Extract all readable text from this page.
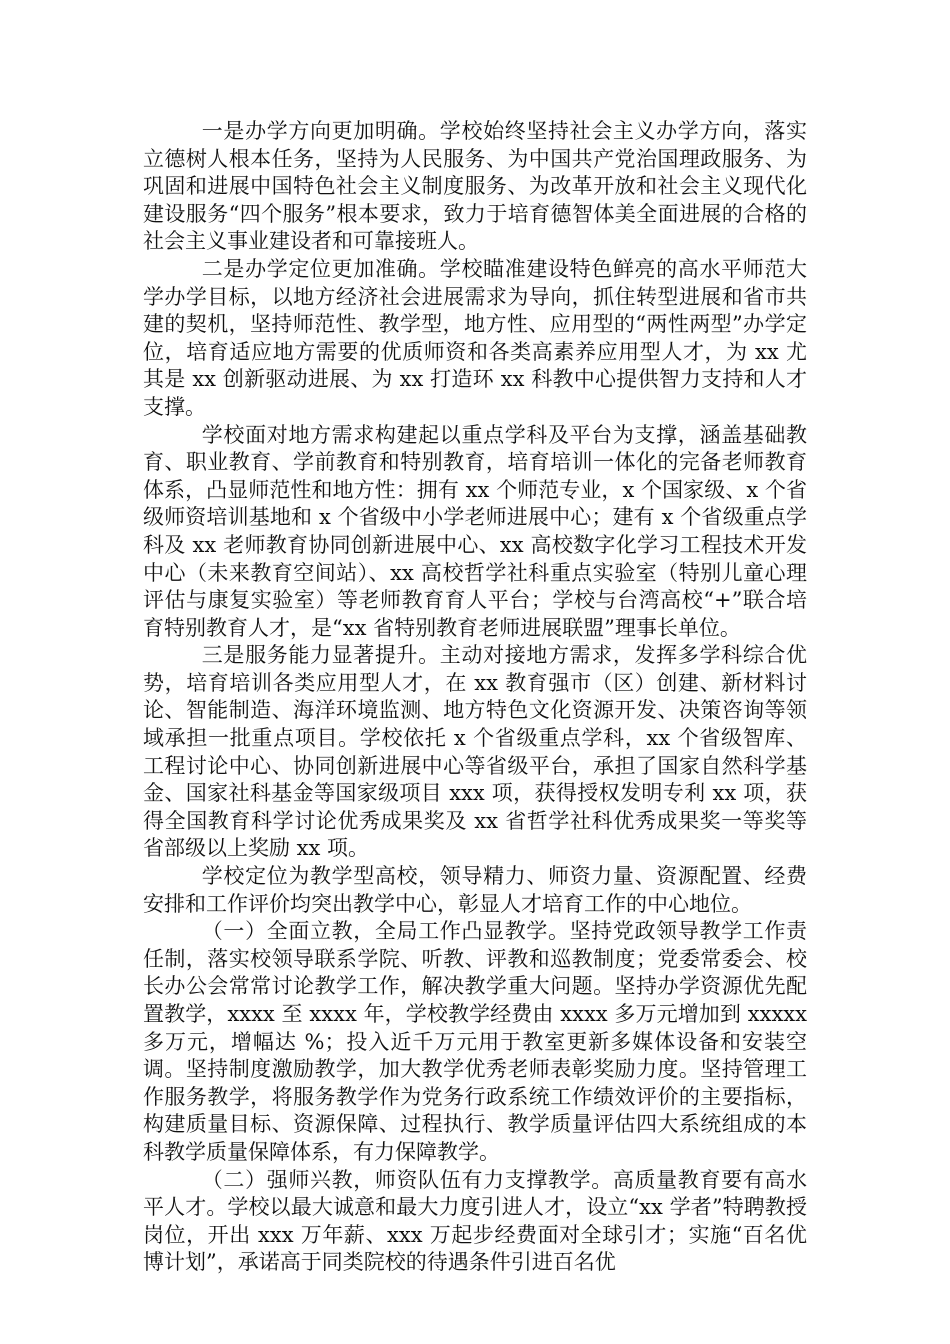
一是办学方向更加明确。学校始终坚持社会主义办学方向，落实立德树人根本任务，坚持为人民服务、为中国共产党治国理政服务、为巩固和进展中国特色社会主义制度服务、为改革开放和社会主义现代化建设服务“四个服务”根本要求，致力于培育德智体美全面进展的合格的社会主义事业建设者和可靠接班人。

二是办学定位更加准确。学校瞄准建设特色鲜亮的高水平师范大学办学目标，以地方经济社会进展需求为导向，抓住转型进展和省市共建的契机，坚持师范性、教学型，地方性、应用型的“两性两型”办学定位，培育适应地方需要的优质师资和各类高素养应用型人才，为 xx 尤其是 xx 创新驱动进展、为 xx 打造环 xx 科教中心提供智力支持和人才支撑。

学校面对地方需求构建起以重点学科及平台为支撑，涵盖基础教育、职业教育、学前教育和特别教育，培育培训一体化的完备老师教育体系，凸显师范性和地方性：拥有 xx 个师范专业，x 个国家级、x 个省级师资培训基地和 x 个省级中小学老师进展中心；建有 x 个省级重点学科及 xx 老师教育协同创新进展中心、xx 高校数字化学习工程技术开发中心（未来教育空间站）、xx 高校哲学社科重点实验室（特别儿童心理评估与康复实验室）等老师教育育人平台；学校与台湾高校“+”联合培育特别教育人才，是“xx 省特别教育老师进展联盟”理事长单位。

三是服务能力显著提升。主动对接地方需求，发挥多学科综合优势，培育培训各类应用型人才，在 xx 教育强市（区）创建、新材料讨论、智能制造、海洋环境监测、地方特色文化资源开发、决策咨询等领域承担一批重点项目。学校依托 x 个省级重点学科，xx 个省级智库、工程讨论中心、协同创新进展中心等省级平台，承担了国家自然科学基金、国家社科基金等国家级项目 xxx 项，获得授权发明专利 xx 项，获得全国教育科学讨论优秀成果奖及 xx 省哲学社科优秀成果奖一等奖等省部级以上奖励 xx 项。

学校定位为教学型高校，领导精力、师资力量、资源配置、经费安排和工作评价均突出教学中心，彰显人才培育工作的中心地位。

（一）全面立教，全局工作凸显教学。坚持党政领导教学工作责任制，落实校领导联系学院、听教、评教和巡教制度；党委常委会、校长办公会常常讨论教学工作，解决教学重大问题。坚持办学资源优先配置教学，xxxx 至 xxxx 年，学校教学经费由 xxxx 多万元增加到 xxxxx 多万元，增幅达 %；投入近千万元用于教室更新多媒体设备和安装空调。坚持制度激励教学，加大教学优秀老师表彰奖励力度。坚持管理工作服务教学，将服务教学作为党务行政系统工作绩效评价的主要指标，构建质量目标、资源保障、过程执行、教学质量评估四大系统组成的本科教学质量保障体系，有力保障教学。

（二）强师兴教，师资队伍有力支撑教学。高质量教育要有高水平人才。学校以最大诚意和最大力度引进人才，设立“xx 学者”特聘教授岗位，开出 xxx 万年薪、xxx 万起步经费面对全球引才；实施“百名优博计划”，承诺高于同类院校的待遇条件引进百名优
